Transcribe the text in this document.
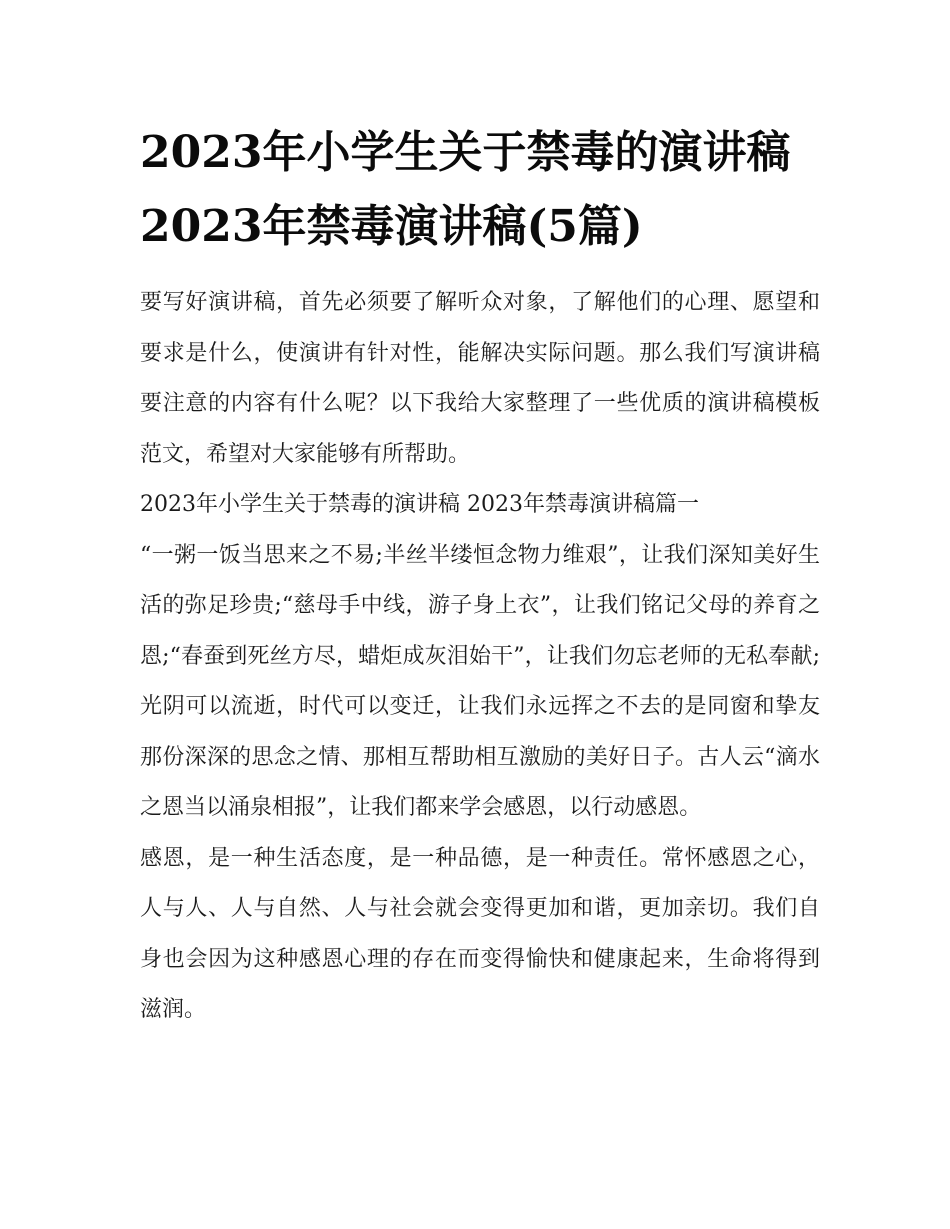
2023年小学生关于禁毒的演讲稿 2023年禁毒演讲稿(5篇)

要写好演讲稿，首先必须要了解听众对象，了解他们的心理、愿望和要求是什么，使演讲有针对性，能解决实际问题。那么我们写演讲稿要注意的内容有什么呢？以下我给大家整理了一些优质的演讲稿模板范文，希望对大家能够有所帮助。

2023年小学生关于禁毒的演讲稿 2023年禁毒演讲稿篇一

“一粥一饭当思来之不易;半丝半缕恒念物力维艰”，让我们深知美好生活的弥足珍贵;“慈母手中线，游子身上衣”，让我们铭记父母的养育之恩;“春蚕到死丝方尽，蜡炬成灰泪始干”，让我们勿忘老师的无私奉献;光阴可以流逝，时代可以变迁，让我们永远挥之不去的是同窗和挚友那份深深的思念之情、那相互帮助相互激励的美好日子。古人云“滴水之恩当以涌泉相报”，让我们都来学会感恩，以行动感恩。

感恩，是一种生活态度，是一种品德，是一种责任。常怀感恩之心，人与人、人与自然、人与社会就会变得更加和谐，更加亲切。我们自身也会因为这种感恩心理的存在而变得愉快和健康起来，生命将得到滋润。
